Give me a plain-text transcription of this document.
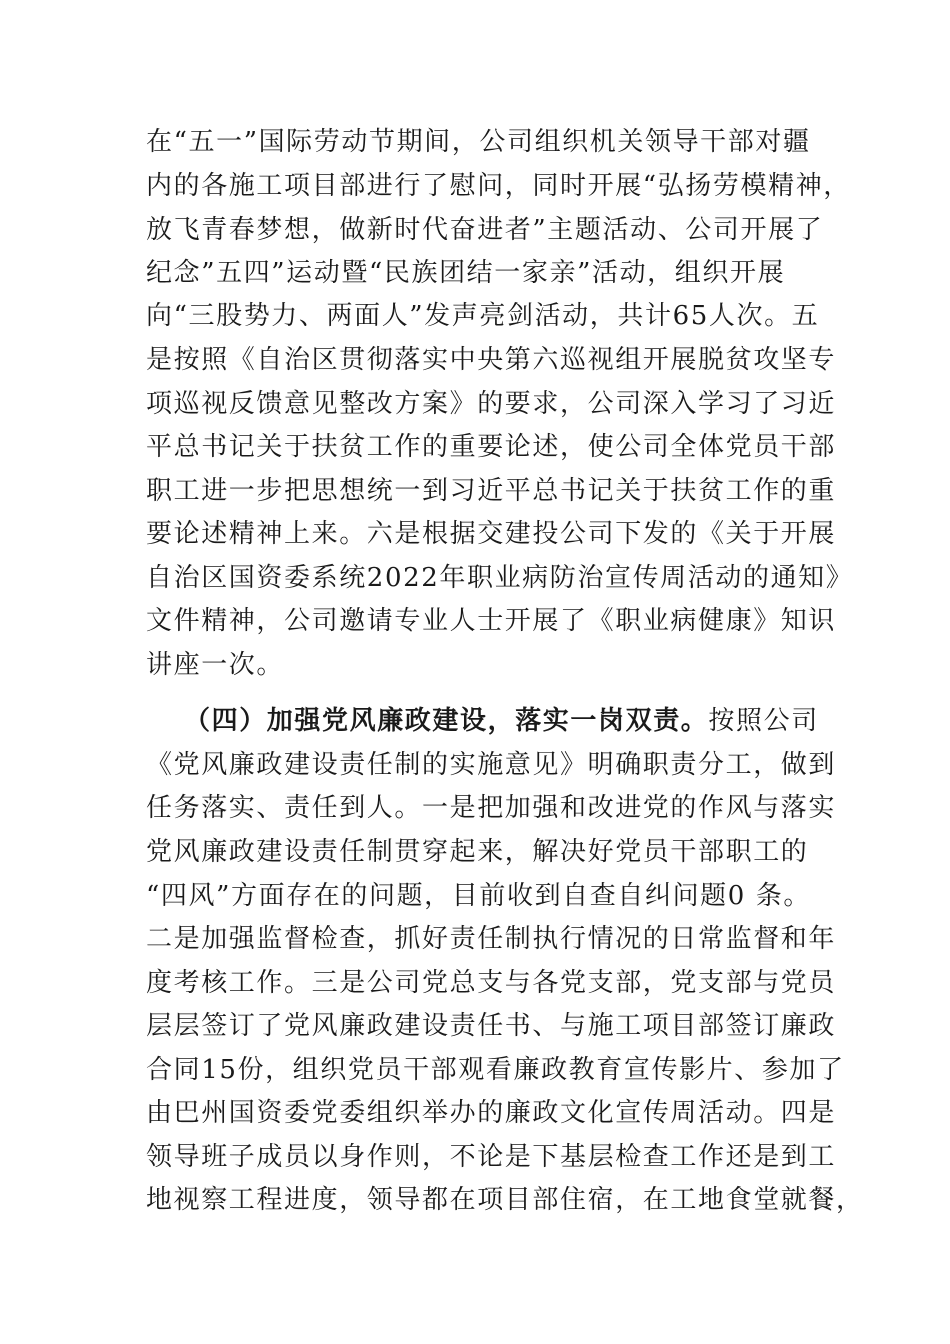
在“五一”国际劳动节期间，公司组织机关领导干部对疆
内的各施工项目部进行了慰问，同时开展“弘扬劳模精神，
放飞青春梦想，做新时代奋进者”主题活动、公司开展了
纪念”五四”运动暨“民族团结一家亲”活动，组织开展
向“三股势力、两面人”发声亮剑活动，共计65人次。五
是按照《自治区贯彻落实中央第六巡视组开展脱贫攻坚专
项巡视反馈意见整改方案》的要求，公司深入学习了习近
平总书记关于扶贫工作的重要论述，使公司全体党员干部
职工进一步把思想统一到习近平总书记关于扶贫工作的重
要论述精神上来。六是根据交建投公司下发的《关于开展
自治区国资委系统2022年职业病防治宣传周活动的通知》
文件精神，公司邀请专业人士开展了《职业病健康》知识
讲座一次。
（四）加强党风廉政建设，落实一岗双责。按照公司
《党风廉政建设责任制的实施意见》明确职责分工，做到
任务落实、责任到人。一是把加强和改进党的作风与落实
党风廉政建设责任制贯穿起来，解决好党员干部职工的
“四风”方面存在的问题，目前收到自查自纠问题0 条。
二是加强监督检查，抓好责任制执行情况的日常监督和年
度考核工作。三是公司党总支与各党支部，党支部与党员
层层签订了党风廉政建设责任书、与施工项目部签订廉政
合同15份，组织党员干部观看廉政教育宣传影片、参加了
由巴州国资委党委组织举办的廉政文化宣传周活动。四是
领导班子成员以身作则，不论是下基层检查工作还是到工
地视察工程进度，领导都在项目部住宿，在工地食堂就餐，
